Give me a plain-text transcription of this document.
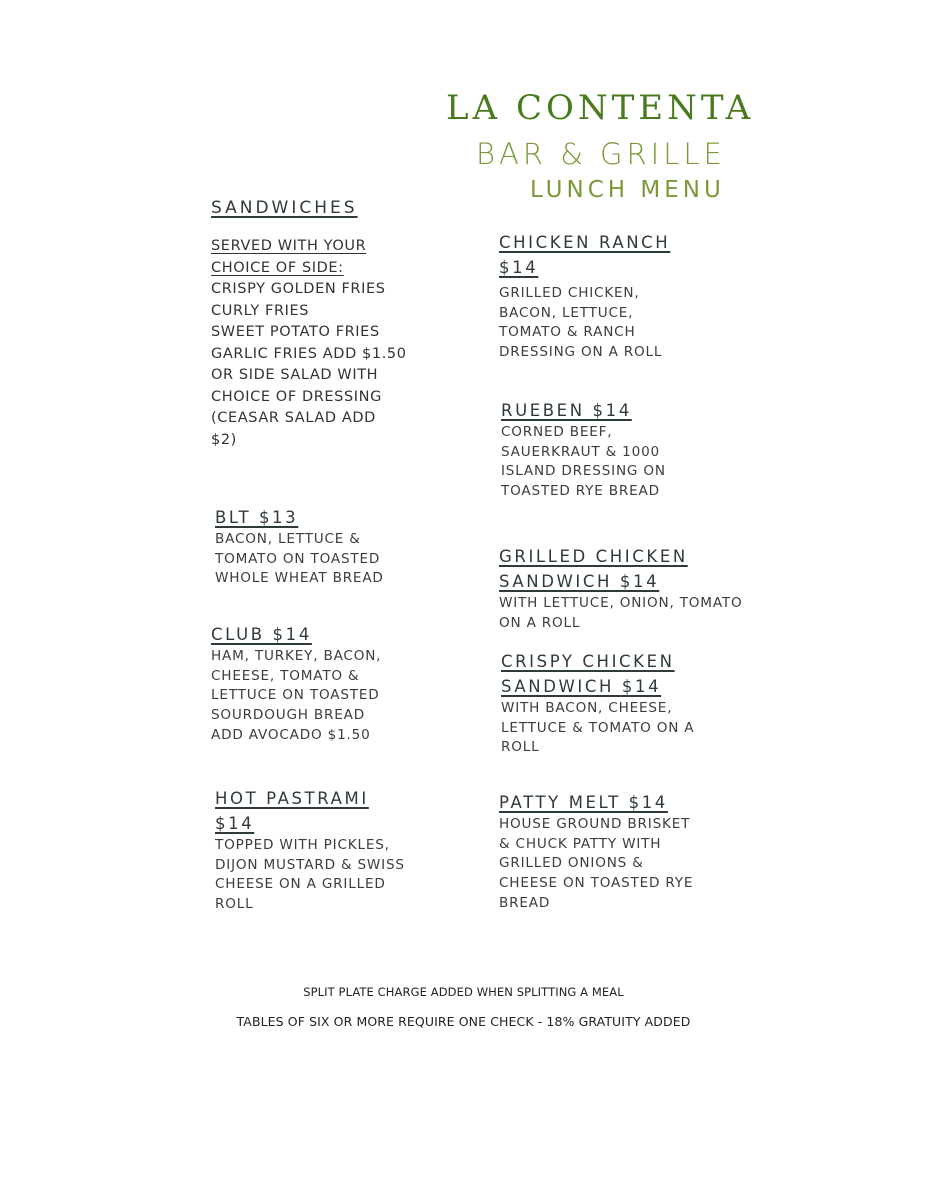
LA CONTENTA
BAR & GRILLE
LUNCH MENU
SANDWICHES
SERVED WITH YOUR
CHOICE OF SIDE:
CRISPY GOLDEN FRIES
CURLY FRIES
SWEET POTATO FRIES
GARLIC FRIES ADD $1.50
OR SIDE SALAD WITH
CHOICE OF DRESSING
(CEASAR SALAD ADD
$2)
BLT $13
BACON, LETTUCE &
TOMATO ON TOASTED
WHOLE WHEAT BREAD
CLUB $14
HAM, TURKEY, BACON,
CHEESE, TOMATO &
LETTUCE ON TOASTED
SOURDOUGH BREAD
ADD AVOCADO $1.50
HOT PASTRAMI
$14
TOPPED WITH PICKLES,
DIJON MUSTARD & SWISS
CHEESE ON A GRILLED
ROLL
CHICKEN RANCH
$14
GRILLED CHICKEN,
BACON, LETTUCE,
TOMATO & RANCH
DRESSING ON A ROLL
RUEBEN $14
CORNED BEEF,
SAUERKRAUT & 1000
ISLAND DRESSING ON
TOASTED RYE BREAD
GRILLED CHICKEN
SANDWICH $14
WITH LETTUCE, ONION, TOMATO
ON A ROLL
CRISPY CHICKEN
SANDWICH $14
WITH BACON, CHEESE,
LETTUCE & TOMATO ON A
ROLL
PATTY MELT $14
HOUSE GROUND BRISKET
& CHUCK PATTY WITH
GRILLED ONIONS &
CHEESE ON TOASTED RYE
BREAD
SPLIT PLATE CHARGE ADDED WHEN SPLITTING A MEAL
TABLES OF SIX OR MORE REQUIRE ONE CHECK - 18% GRATUITY ADDED
